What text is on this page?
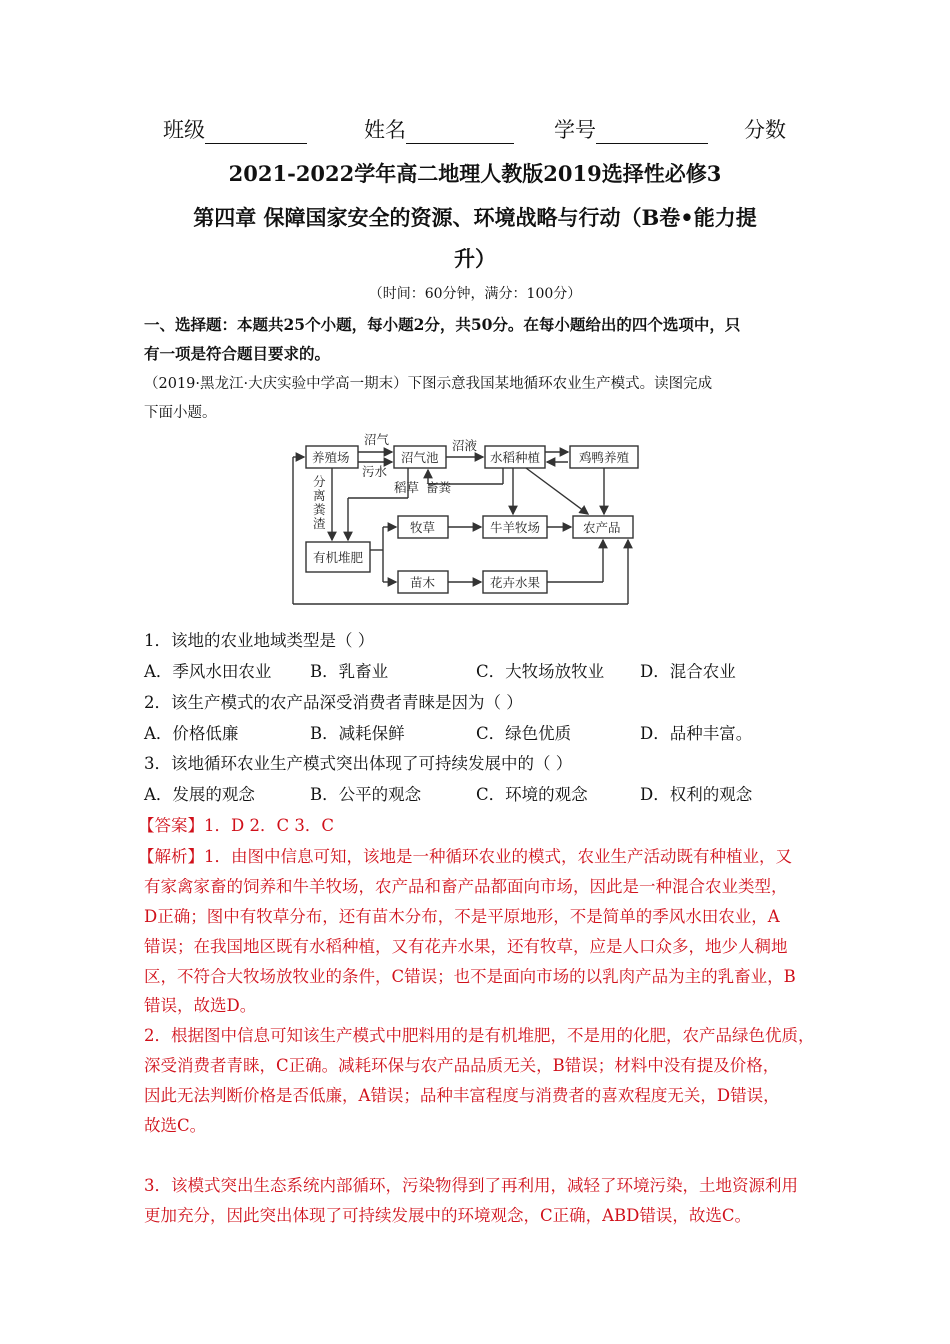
班级	姓名	学号	分数
2021-2022学年高二地理人教版2019选择性必修3
第四章 保障国家安全的资源、环境战略与行动（B卷•能力提
升）
（时间：60分钟，满分：100分）
一、选择题：本题共25个小题，每小题2分，共50分。在每小题给出的四个选项中，只
有一项是符合题目要求的。
（2019·黑龙江·大庆实验中学高一期末）下图示意我国某地循环农业生产模式。读图完成
下面小题。
养殖场	沼气池	水稻种植	鸡鸭养殖
有机堆肥
牧草	牛羊牧场	农产品
苗木	花卉水果
沼气
污水
沼液
稻草 畜粪
分
离
粪
渣
1．该地的农业地域类型是（ ）
A．季风水田农业 B．乳畜业	C．大牧场放牧业 D．混合农业
2．该生产模式的农产品深受消费者青睐是因为（ ）
A．价格低廉	B．减耗保鲜	C．绿色优质	D．品种丰富。
3．该地循环农业生产模式突出体现了可持续发展中的（ ）
A．发展的观念	B．公平的观念	C．环境的观念	D．权利的观念
【答案】1．D 2．C 3．C
【解析】1．由图中信息可知，该地是一种循环农业的模式，农业生产活动既有种植业，又
有家禽家畜的饲养和牛羊牧场，农产品和畜产品都面向市场，因此是一种混合农业类型，
D正确；图中有牧草分布，还有苗木分布，不是平原地形，不是简单的季风水田农业，A
错误；在我国地区既有水稻种植，又有花卉水果，还有牧草，应是人口众多，地少人稠地
区，不符合大牧场放牧业的条件，C错误；也不是面向市场的以乳肉产品为主的乳畜业，B
错误，故选D。
2．根据图中信息可知该生产模式中肥料用的是有机堆肥，不是用的化肥，农产品绿色优质，
深受消费者青睐，C正确。减耗环保与农产品品质无关，B错误；材料中没有提及价格，
因此无法判断价格是否低廉，A错误；品种丰富程度与消费者的喜欢程度无关，D错误，
故选C。
3．该模式突出生态系统内部循环，污染物得到了再利用，减轻了环境污染，土地资源利用
更加充分，因此突出体现了可持续发展中的环境观念，C正确，ABD错误，故选C。
